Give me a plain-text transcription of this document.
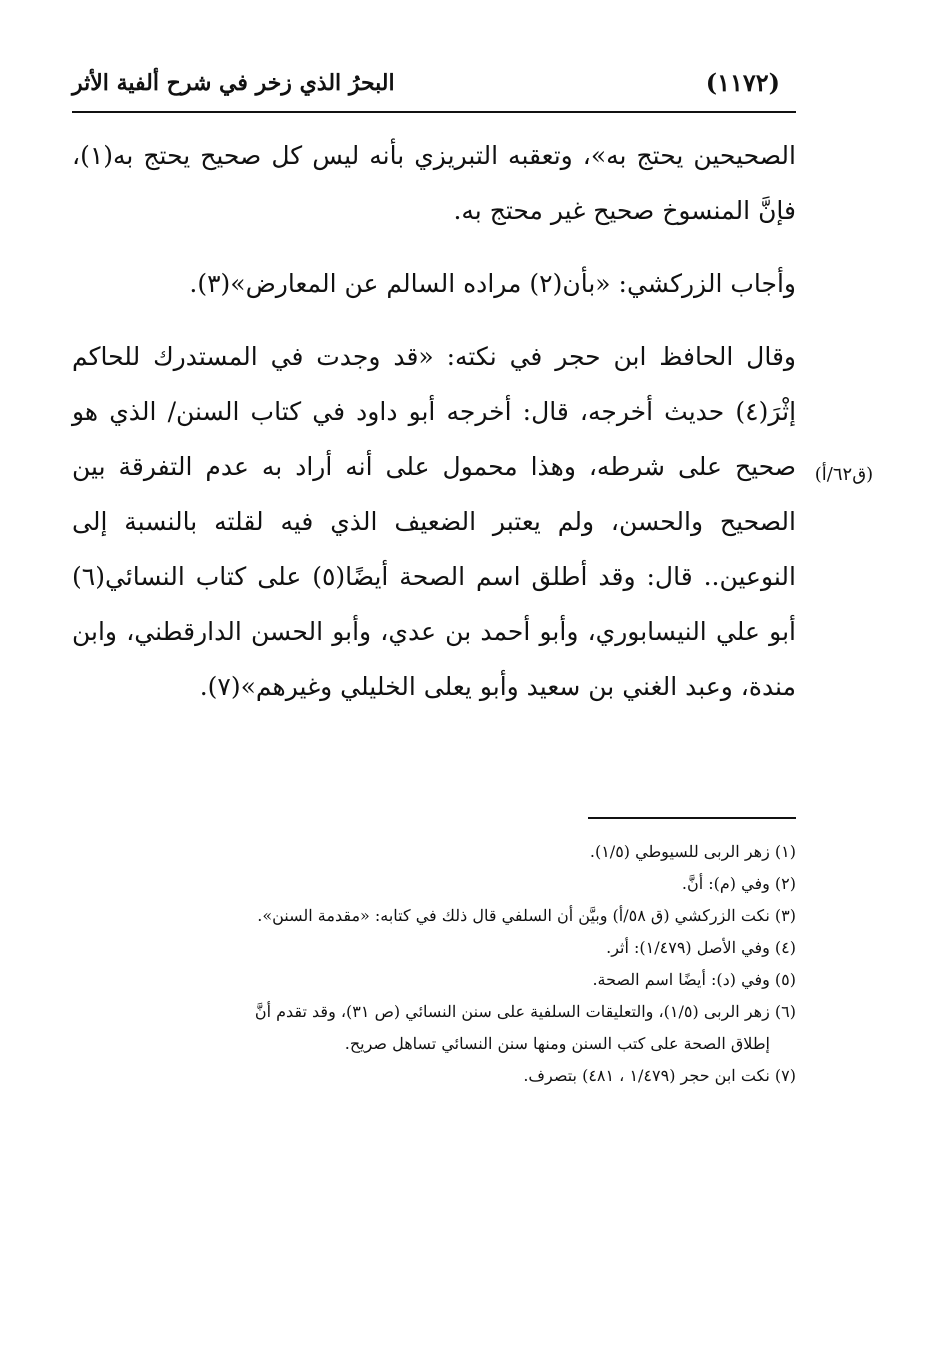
(١١٧٢)
البحرُ الذي زخر في شرح ألفية الأثر
(ق٦٢/أ)

الصحيحين يحتج به»، وتعقبه التبريزي بأنه ليس كل صحيح يحتج به(١)، فإنَّ المنسوخ صحيح غير محتج به.

وأجاب الزركشي: «بأن(٢) مراده السالم عن المعارض»(٣).

وقال الحافظ ابن حجر في نكته: «قد وجدت في المستدرك للحاكم إثْرَ(٤) حديث أخرجه، قال: أخرجه أبو داود في كتاب السنن/ الذي هو صحيح على شرطه، وهذا محمول على أنه أراد به عدم التفرقة بين الصحيح والحسن، ولم يعتبر الضعيف الذي فيه لقلته بالنسبة إلى النوعين.. قال: وقد أطلق اسم الصحة أيضًا(٥) على كتاب النسائي(٦) أبو علي النيسابوري، وأبو أحمد بن عدي، وأبو الحسن الدارقطني، وابن مندة، وعبد الغني بن سعيد وأبو يعلى الخليلي وغيرهم»(٧).

(١) زهر الربى للسيوطي (١/٥).

(٢) وفي (م): أنَّ.

(٣) نكت الزركشي (ق ٥٨/أ) وبيَّن أن السلفي قال ذلك في كتابه: «مقدمة السنن».

(٤) وفي الأصل (١/٤٧٩): أثر.

(٥) وفي (د): أيضًا اسم الصحة.

(٦) زهر الربى (١/٥)، والتعليقات السلفية على سنن النسائي (ص ٣١)، وقد تقدم أنَّ

إطلاق الصحة على كتب السنن ومنها سنن النسائي تساهل صريح.

(٧) نكت ابن حجر (١/٤٧٩ ، ٤٨١) بتصرف.
